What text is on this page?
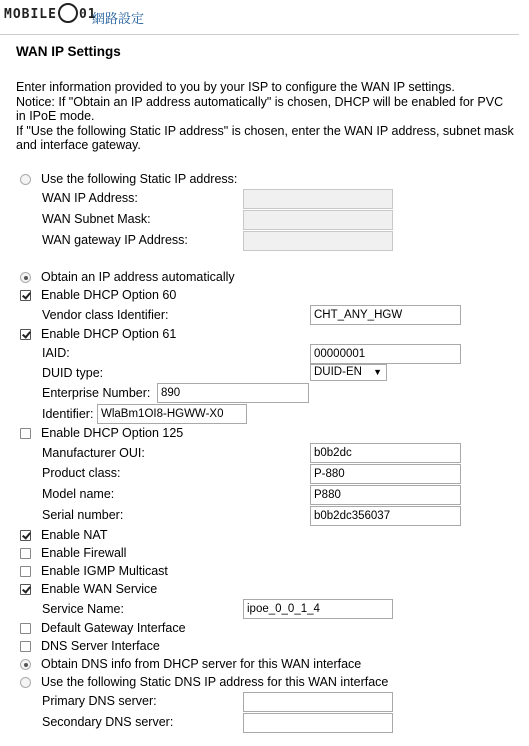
MOBILE 01
網路設定
WAN IP Settings
Enter information provided to you by your ISP to configure the WAN IP settings.
Notice: If "Obtain an IP address automatically" is chosen, DHCP will be enabled for PVC in IPoE mode.
If "Use the following Static IP address" is chosen, enter the WAN IP address, subnet mask and interface gateway.
Use the following Static IP address:
WAN IP Address:
WAN Subnet Mask:
WAN gateway IP Address:
Obtain an IP address automatically
Enable DHCP Option 60
Vendor class Identifier:	CHT_ANY_HGW
Enable DHCP Option 61
IAID:	00000001
DUID type:	DUID-EN ▼
Enterprise Number: 890
Identifier: WlaBm1OI8-HGWW-X0
Enable DHCP Option 125
Manufacturer OUI:	b0b2dc
Product class:	P-880
Model name:	P880
Serial number:	b0b2dc356037
Enable NAT
Enable Firewall
Enable IGMP Multicast
Enable WAN Service
Service Name:	ipoe_0_0_1_4
Default Gateway Interface
DNS Server Interface
Obtain DNS info from DHCP server for this WAN interface
Use the following Static DNS IP address for this WAN interface
Primary DNS server:
Secondary DNS server:
